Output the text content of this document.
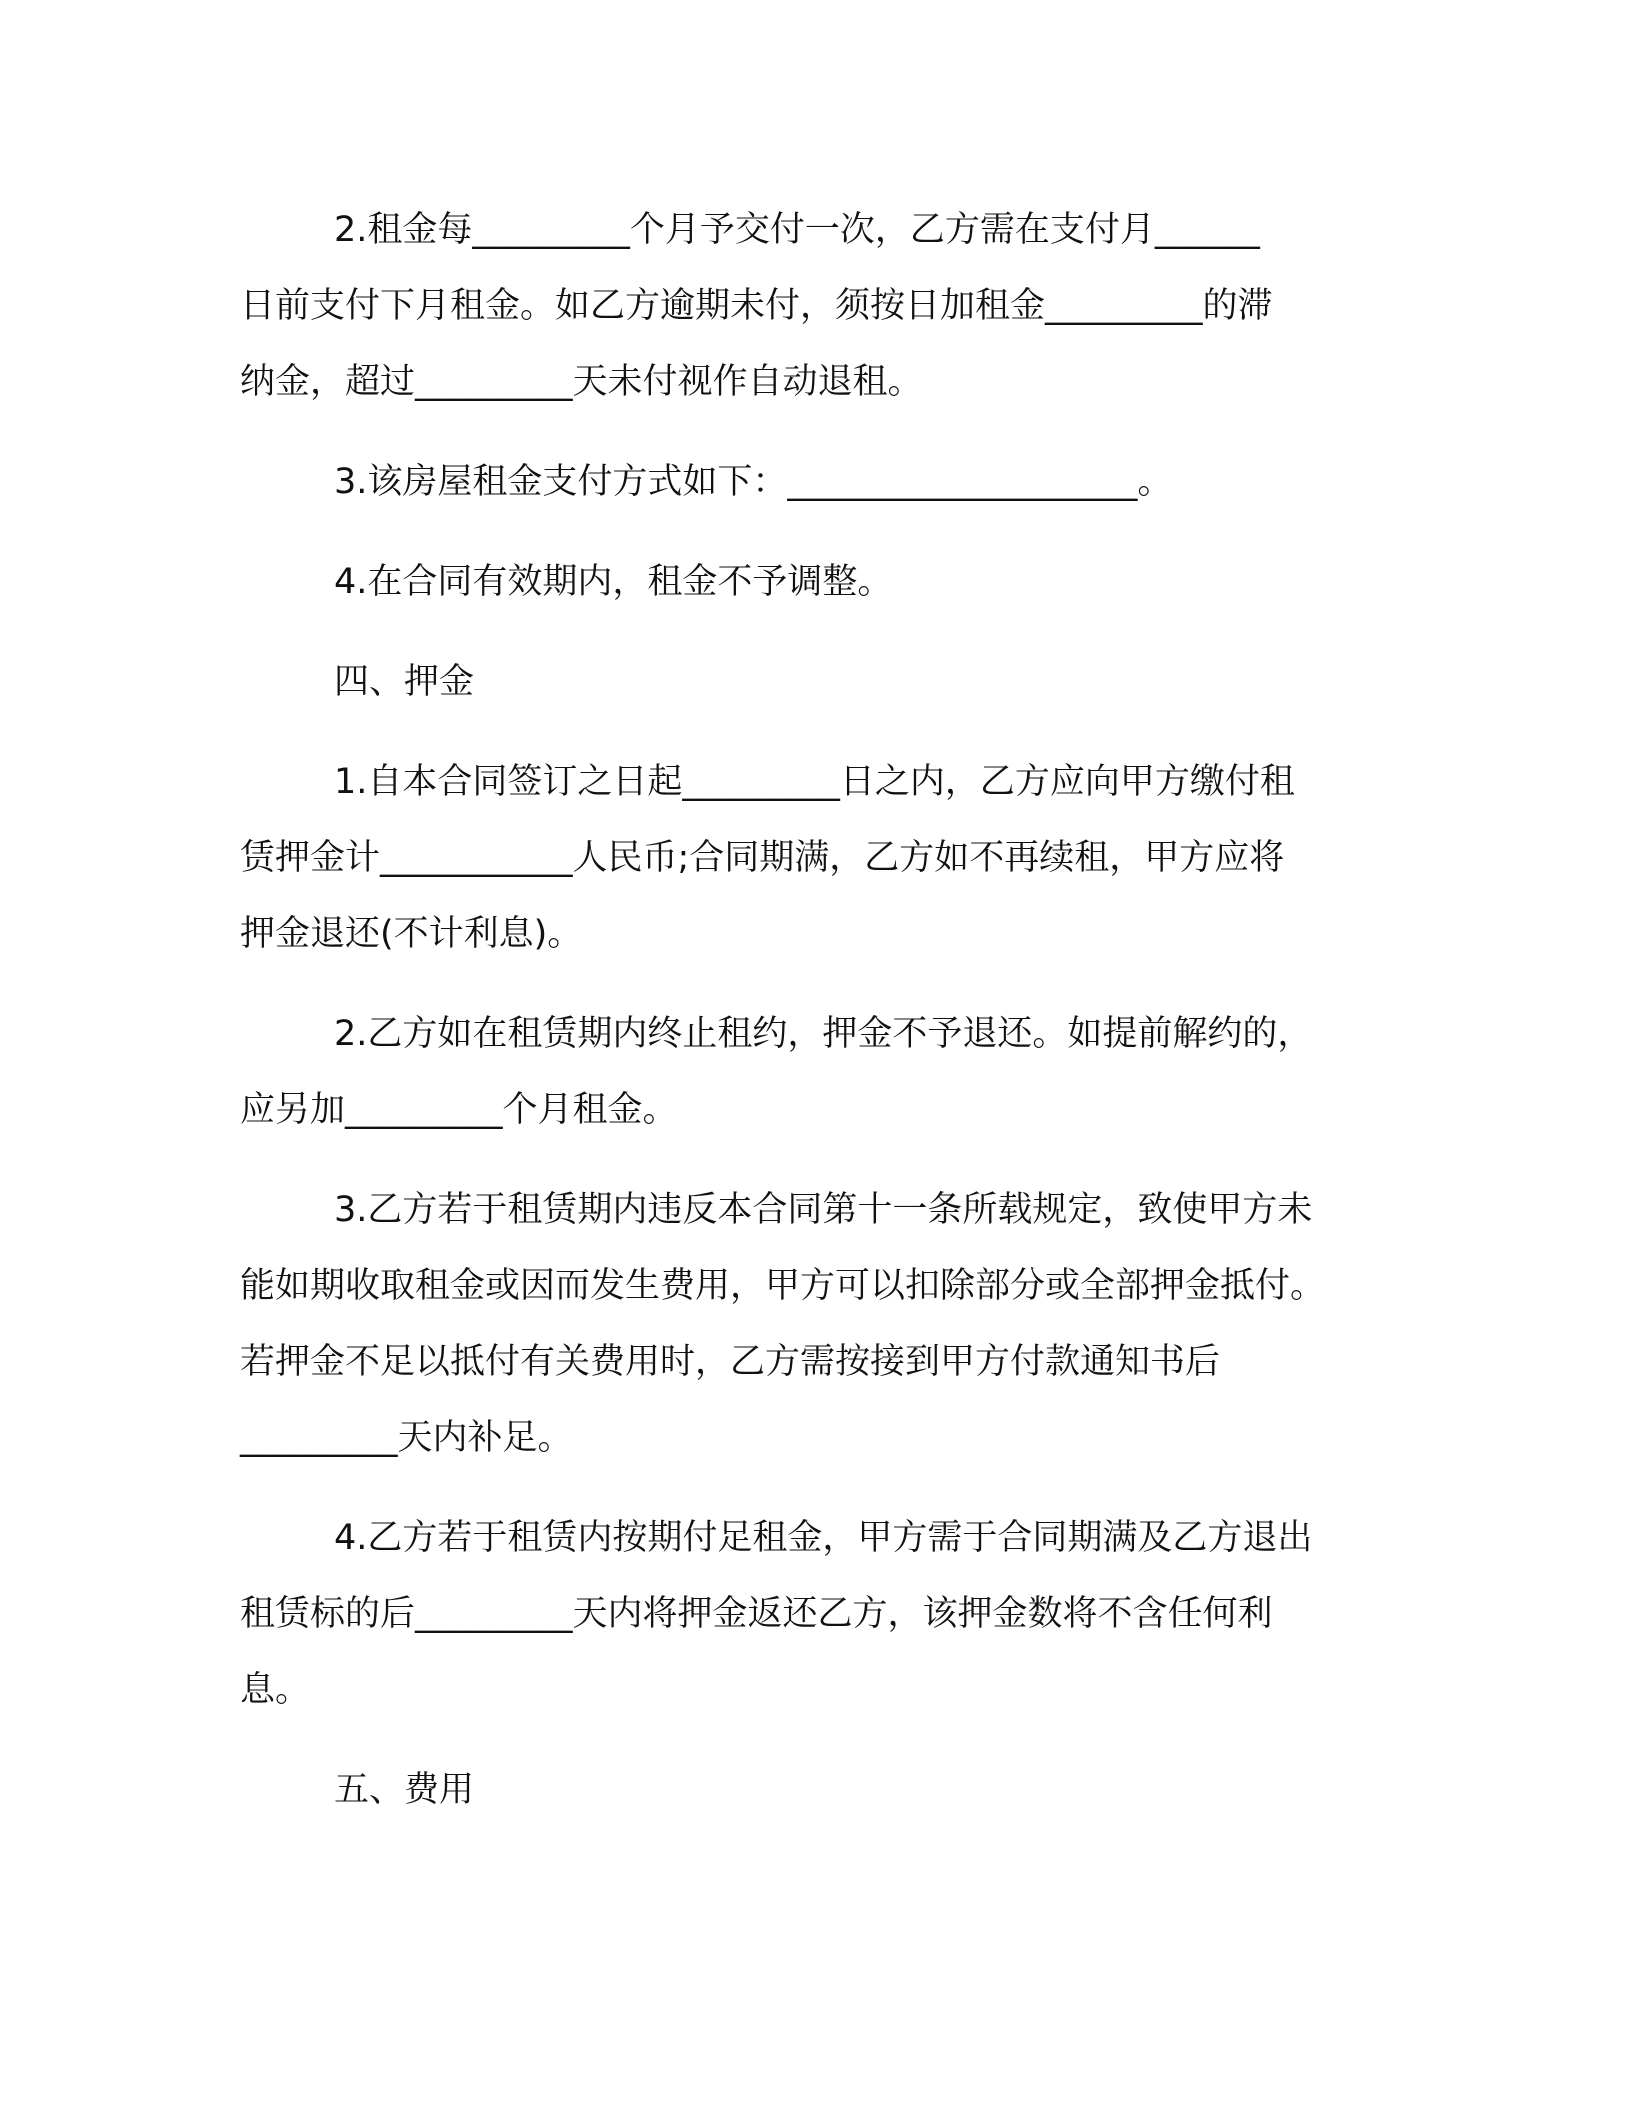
2.租金每_________个月予交付一次，乙方需在支付月______

日前支付下月租金。如乙方逾期未付，须按日加租金_________的滞

纳金，超过_________天未付视作自动退租。

3.该房屋租金支付方式如下：____________________。

4.在合同有效期内，租金不予调整。

四、押金

1.自本合同签订之日起_________日之内，乙方应向甲方缴付租

赁押金计___________人民币;合同期满，乙方如不再续租，甲方应将

押金退还(不计利息)。

2.乙方如在租赁期内终止租约，押金不予退还。如提前解约的，

应另加_________个月租金。

3.乙方若于租赁期内违反本合同第十一条所载规定，致使甲方未

能如期收取租金或因而发生费用，甲方可以扣除部分或全部押金抵付。

若押金不足以抵付有关费用时，乙方需按接到甲方付款通知书后

_________天内补足。

4.乙方若于租赁内按期付足租金，甲方需于合同期满及乙方退出

租赁标的后_________天内将押金返还乙方，该押金数将不含任何利

息。

五、费用
